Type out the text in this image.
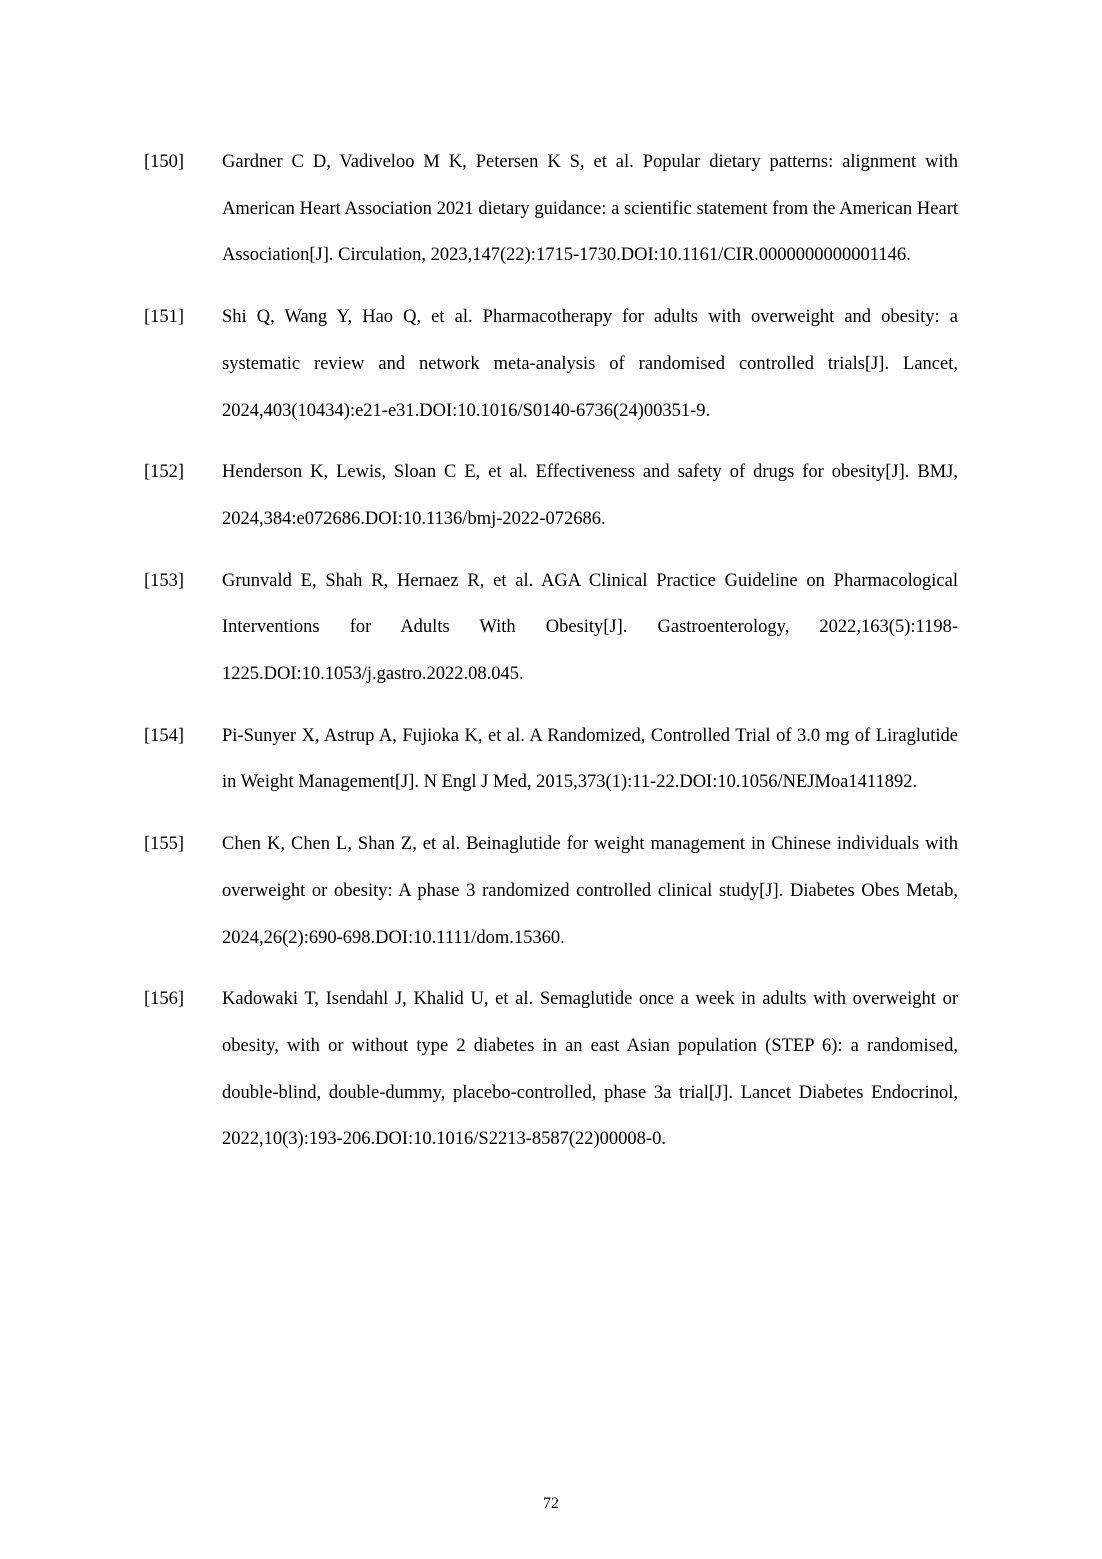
[150] Gardner C D, Vadiveloo M K, Petersen K S, et al. Popular dietary patterns: alignment with American Heart Association 2021 dietary guidance: a scientific statement from the American Heart Association[J]. Circulation, 2023,147(22):1715-1730.DOI:10.1161/CIR.0000000000001146.
[151] Shi Q, Wang Y, Hao Q, et al. Pharmacotherapy for adults with overweight and obesity: a systematic review and network meta-analysis of randomised controlled trials[J]. Lancet, 2024,403(10434):e21-e31.DOI:10.1016/S0140-6736(24)00351-9.
[152] Henderson K, Lewis, Sloan C E, et al. Effectiveness and safety of drugs for obesity[J]. BMJ, 2024,384:e072686.DOI:10.1136/bmj-2022-072686.
[153] Grunvald E, Shah R, Hernaez R, et al. AGA Clinical Practice Guideline on Pharmacological Interventions for Adults With Obesity[J]. Gastroenterology, 2022,163(5):1198-1225.DOI:10.1053/j.gastro.2022.08.045.
[154] Pi-Sunyer X, Astrup A, Fujioka K, et al. A Randomized, Controlled Trial of 3.0 mg of Liraglutide in Weight Management[J]. N Engl J Med, 2015,373(1):11-22.DOI:10.1056/NEJMoa1411892.
[155] Chen K, Chen L, Shan Z, et al. Beinaglutide for weight management in Chinese individuals with overweight or obesity: A phase 3 randomized controlled clinical study[J]. Diabetes Obes Metab, 2024,26(2):690-698.DOI:10.1111/dom.15360.
[156] Kadowaki T, Isendahl J, Khalid U, et al. Semaglutide once a week in adults with overweight or obesity, with or without type 2 diabetes in an east Asian population (STEP 6): a randomised, double-blind, double-dummy, placebo-controlled, phase 3a trial[J]. Lancet Diabetes Endocrinol, 2022,10(3):193-206.DOI:10.1016/S2213-8587(22)00008-0.
72
